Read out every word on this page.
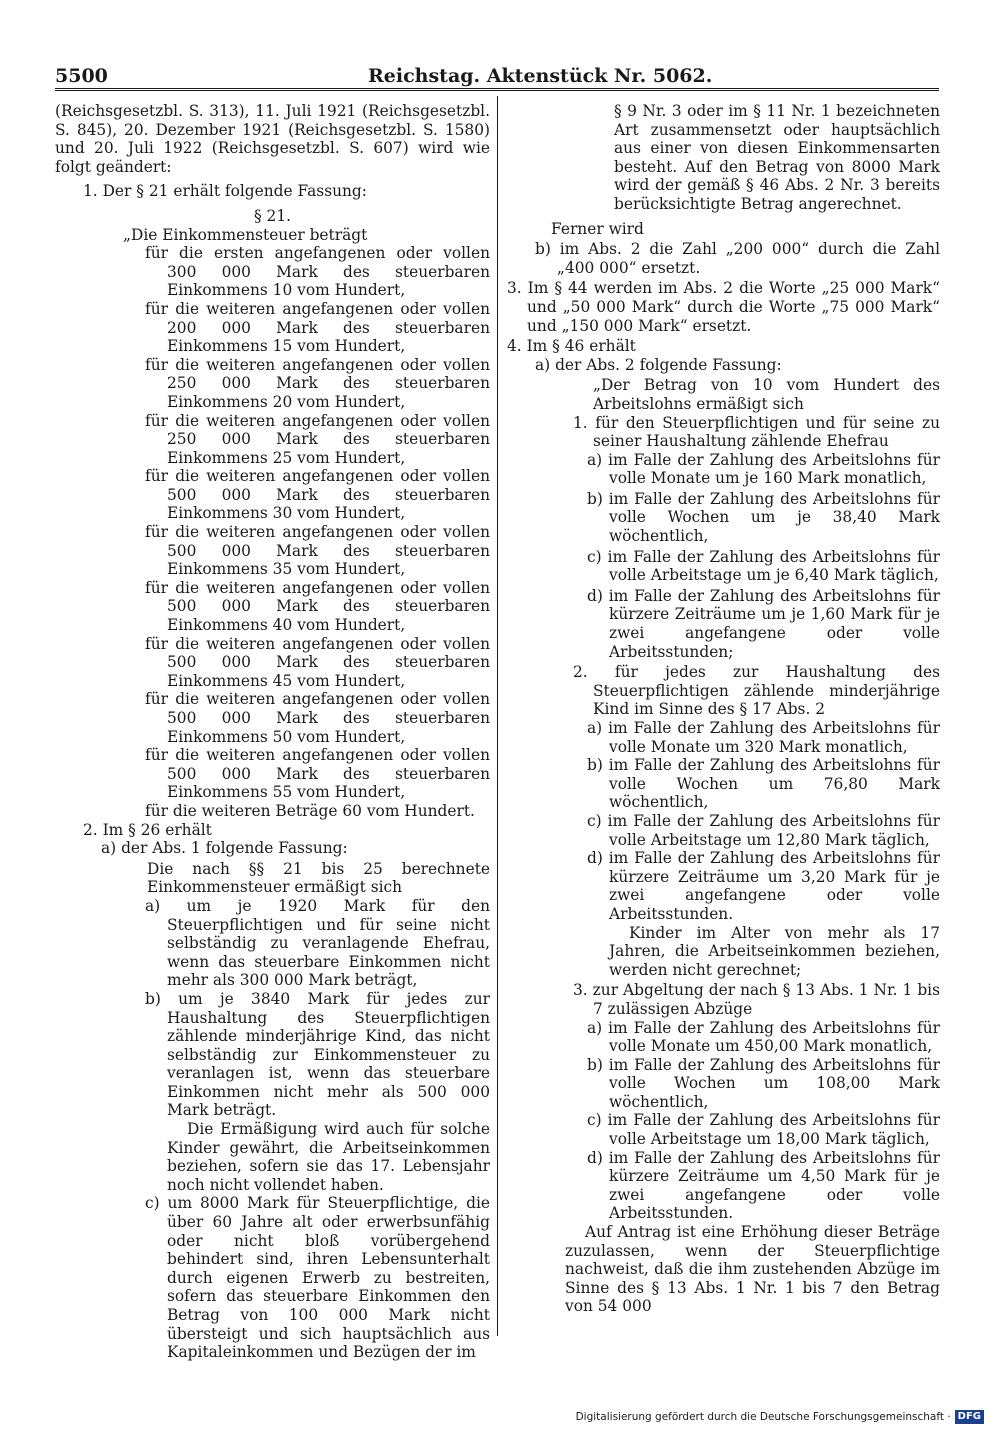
5500	Reichstag. Aktenstück Nr. 5062.

(Reichsgesetzbl. S. 313), 11. Juli 1921 (Reichsgesetzbl. S. 845), 20. Dezember 1921 (Reichsgesetzbl. S. 1580) und 20. Juli 1922 (Reichsgesetzbl. S. 607) wird wie folgt geändert:

1. Der § 21 erhält folgende Fassung:

§ 21.

„Die Einkommensteuer beträgt

für die ersten angefangenen oder vollen 300 000 Mark des steuerbaren Einkommens 10 vom Hundert,

für die weiteren angefangenen oder vollen 200 000 Mark des steuerbaren Einkommens 15 vom Hundert,

für die weiteren angefangenen oder vollen 250 000 Mark des steuerbaren Einkommens 20 vom Hundert,

für die weiteren angefangenen oder vollen 250 000 Mark des steuerbaren Einkommens 25 vom Hundert,

für die weiteren angefangenen oder vollen 500 000 Mark des steuerbaren Einkommens 30 vom Hundert,

für die weiteren angefangenen oder vollen 500 000 Mark des steuerbaren Einkommens 35 vom Hundert,

für die weiteren angefangenen oder vollen 500 000 Mark des steuerbaren Einkommens 40 vom Hundert,

für die weiteren angefangenen oder vollen 500 000 Mark des steuerbaren Einkommens 45 vom Hundert,

für die weiteren angefangenen oder vollen 500 000 Mark des steuerbaren Einkommens 50 vom Hundert,

für die weiteren angefangenen oder vollen 500 000 Mark des steuerbaren Einkommens 55 vom Hundert,

für die weiteren Beträge 60 vom Hundert.

2. Im § 26 erhält

a) der Abs. 1 folgende Fassung:

Die nach §§ 21 bis 25 berechnete Einkommensteuer ermäßigt sich

a) um je 1920 Mark für den Steuerpflichtigen und für seine nicht selbständig zu veranlagende Ehefrau, wenn das steuerbare Einkommen nicht mehr als 300 000 Mark beträgt,

b) um je 3840 Mark für jedes zur Haushaltung des Steuerpflichtigen zählende minderjährige Kind, das nicht selbständig zur Einkommensteuer zu veranlagen ist, wenn das steuerbare Einkommen nicht mehr als 500 000 Mark beträgt.

Die Ermäßigung wird auch für solche Kinder gewährt, die Arbeitseinkommen beziehen, sofern sie das 17. Lebensjahr noch nicht vollendet haben.

c) um 8000 Mark für Steuerpflichtige, die über 60 Jahre alt oder erwerbsunfähig oder nicht bloß vorübergehend behindert sind, ihren Lebensunterhalt durch eigenen Erwerb zu bestreiten, sofern das steuerbare Einkommen den Betrag von 100 000 Mark nicht übersteigt und sich hauptsächlich aus Kapitaleinkommen und Bezügen der im

§ 9 Nr. 3 oder im § 11 Nr. 1 bezeichneten Art zusammensetzt oder hauptsächlich aus einer von diesen Einkommensarten besteht. Auf den Betrag von 8000 Mark wird der gemäß § 46 Abs. 2 Nr. 3 bereits berücksichtigte Betrag angerechnet.

Ferner wird

b) im Abs. 2 die Zahl „200 000“ durch die Zahl „400 000“ ersetzt.

3. Im § 44 werden im Abs. 2 die Worte „25 000 Mark“ und „50 000 Mark“ durch die Worte „75 000 Mark“ und „150 000 Mark“ ersetzt.

4. Im § 46 erhält

a) der Abs. 2 folgende Fassung:

„Der Betrag von 10 vom Hundert des Arbeitslohns ermäßigt sich

1. für den Steuerpflichtigen und für seine zu seiner Haushaltung zählende Ehefrau

a) im Falle der Zahlung des Arbeitslohns für volle Monate um je 160 Mark monatlich,

b) im Falle der Zahlung des Arbeitslohns für volle Wochen um je 38,40 Mark wöchentlich,

c) im Falle der Zahlung des Arbeitslohns für volle Arbeitstage um je 6,40 Mark täglich,

d) im Falle der Zahlung des Arbeitslohns für kürzere Zeiträume um je 1,60 Mark für je zwei angefangene oder volle Arbeitsstunden;

2. für jedes zur Haushaltung des Steuerpflichtigen zählende minderjährige Kind im Sinne des § 17 Abs. 2

a) im Falle der Zahlung des Arbeitslohns für volle Monate um 320 Mark monatlich,

b) im Falle der Zahlung des Arbeitslohns für volle Wochen um 76,80 Mark wöchentlich,

c) im Falle der Zahlung des Arbeitslohns für volle Arbeitstage um 12,80 Mark täglich,

d) im Falle der Zahlung des Arbeitslohns für kürzere Zeiträume um 3,20 Mark für je zwei angefangene oder volle Arbeitsstunden.

Kinder im Alter von mehr als 17 Jahren, die Arbeitseinkommen beziehen, werden nicht gerechnet;

3. zur Abgeltung der nach § 13 Abs. 1 Nr. 1 bis 7 zulässigen Abzüge

a) im Falle der Zahlung des Arbeitslohns für volle Monate um 450,00 Mark monatlich,

b) im Falle der Zahlung des Arbeitslohns für volle Wochen um 108,00 Mark wöchentlich,

c) im Falle der Zahlung des Arbeitslohns für volle Arbeitstage um 18,00 Mark täglich,

d) im Falle der Zahlung des Arbeitslohns für kürzere Zeiträume um 4,50 Mark für je zwei angefangene oder volle Arbeitsstunden.

Auf Antrag ist eine Erhöhung dieser Beträge zuzulassen, wenn der Steuerpflichtige nachweist, daß die ihm zustehenden Abzüge im Sinne des § 13 Abs. 1 Nr. 1 bis 7 den Betrag von 54 000

Digitalisierung gefördert durch die Deutsche Forschungsgemeinschaft · DFG
